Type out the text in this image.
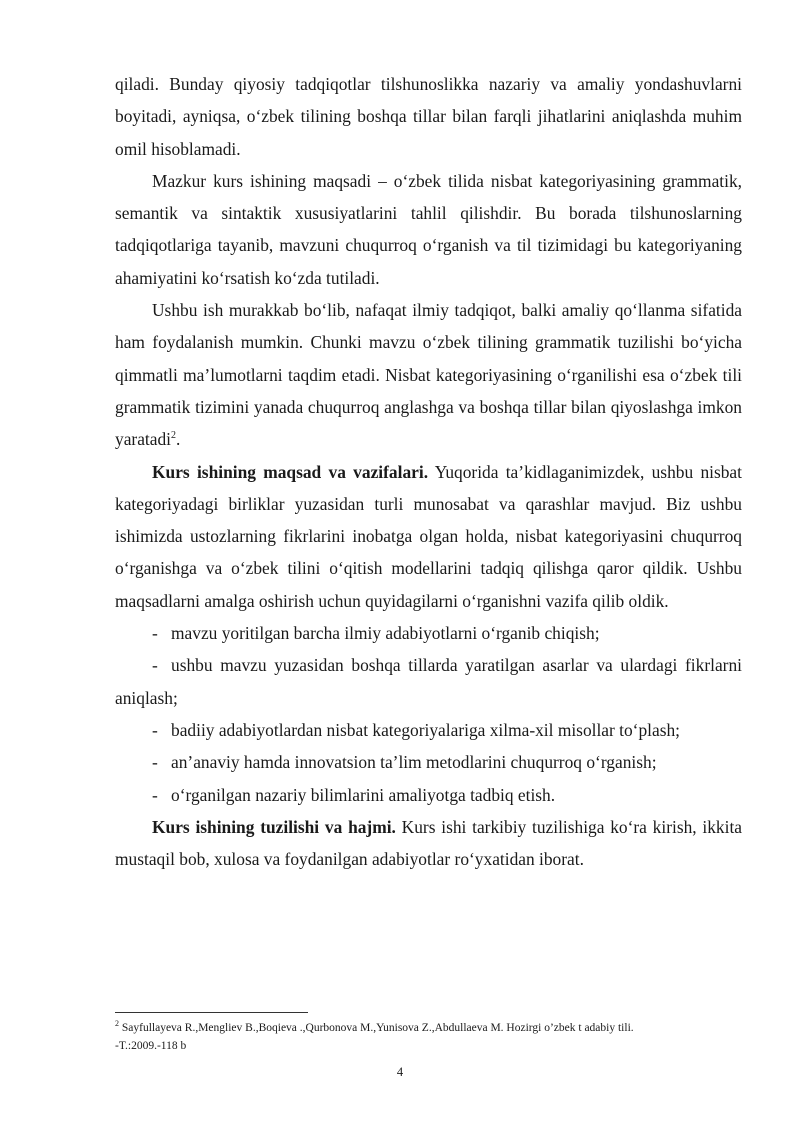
qiladi. Bunday qiyosiy tadqiqotlar tilshunoslikka nazariy va amaliy yondashuvlarni boyitadi, ayniqsa, o‘zbek tilining boshqa tillar bilan farqli jihatlarini aniqlashda muhim omil hisoblamadi.

Mazkur kurs ishining maqsadi – o‘zbek tilida nisbat kategoriyasining grammatik, semantik va sintaktik xususiyatlarini tahlil qilishdir. Bu borada tilshunoslarning tadqiqotlariga tayanib, mavzuni chuqurroq o‘rganish va til tizimidagi bu kategoriyaning ahamiyatini ko‘rsatish ko‘zda tutiladi.

Ushbu ish murakkab bo‘lib, nafaqat ilmiy tadqiqot, balki amaliy qo‘llanma sifatida ham foydalanish mumkin. Chunki mavzu o‘zbek tilining grammatik tuzilishi bo‘yicha qimmatli ma’lumotlarni taqdim etadi. Nisbat kategoriyasining o‘rganilishi esa o‘zbek tili grammatik tizimini yanada chuqurroq anglashga va boshqa tillar bilan qiyoslashga imkon yaratadi$^2$.

Kurs ishining maqsad va vazifalari. Yuqorida ta’kidlaganimizdek, ushbu nisbat kategoriyadagi birliklar yuzasidan turli munosabat va qarashlar mavjud. Biz ushbu ishimizda ustozlarning fikrlarini inobatga olgan holda, nisbat kategoriyasini chuqurroq o‘rganishga va o‘zbek tilini o‘qitish modellarini tadqiq qilishga qaror qildik. Ushbu maqsadlarni amalga oshirish uchun quyidagilarni o‘rganishni vazifa qilib oldik.

- mavzu yoritilgan barcha ilmiy adabiyotlarni o‘rganib chiqish;

- ushbu mavzu yuzasidan boshqa tillarda yaratilgan asarlar va ulardagi fikrlarni aniqlash;

- badiiy adabiyotlardan nisbat kategoriyalariga xilma-xil misollar to‘plash;

- an’anaviy hamda innovatsion ta’lim metodlarini chuqurroq o‘rganish;

- o‘rganilgan nazariy bilimlarini amaliyotga tadbiq etish.

Kurs ishining tuzilishi va hajmi. Kurs ishi tarkibiy tuzilishiga ko‘ra kirish, ikkita mustaqil bob, xulosa va foydanilgan adabiyotlar ro‘yxatidan iborat.

$^2$ Sayfullayeva R.,Mengliev B.,Boqieva .,Qurbonova M.,Yunisova Z.,Abdullaeva M. Hozirgi o’zbek t adabiy tili.
-T.:2009.-118 b
4
